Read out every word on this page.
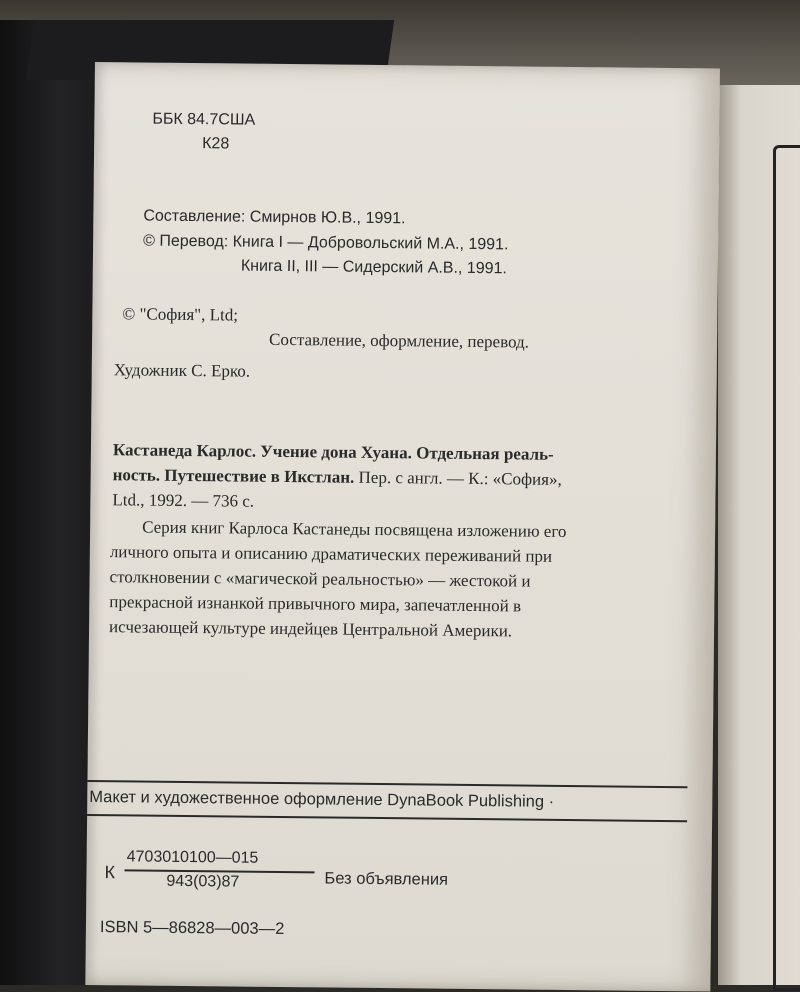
ББК 84.7США
К28
Составление: Смирнов Ю.В., 1991.
© Перевод: Книга I — Добровольский М.А., 1991.
Книга II, III — Сидерский А.В., 1991.
© "София", Ltd;
Составление, оформление, перевод.
Художник С. Ерко.
Кастанеда Карлос. Учение дона Хуана. Отдельная реаль-
ность. Путешествие в Икстлан. Пер. с англ. — К.: «София»,
Ltd., 1992. — 736 с.
Серия книг Карлоса Кастанеды посвящена изложению его
личного опыта и описанию драматических переживаний при
столкновении с «магической реальностью» — жестокой и
прекрасной изнанкой привычного мира, запечатленной в
исчезающей культуре индейцев Центральной Америки.
Макет и художественное оформление DynaBook Publishing ·
К
4703010100—015
943(03)87	Без объявления
ISBN 5—86828—003—2
